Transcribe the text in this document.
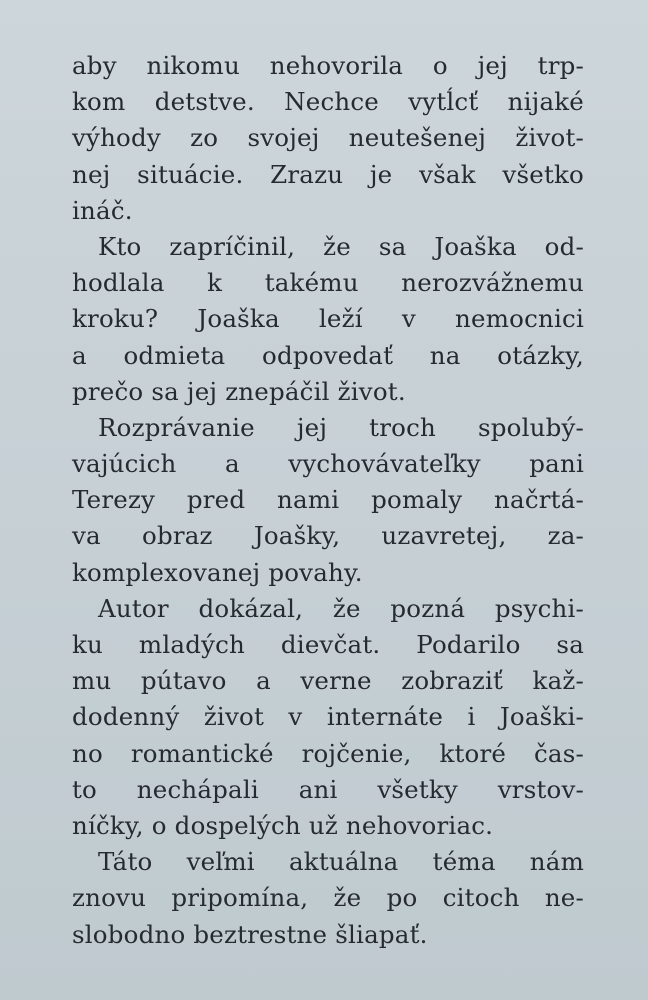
aby nikomu nehovorila o jej trp-
kom detstve. Nechce vytĺcť nijaké
výhody zo svojej neutešenej život-
nej situácie. Zrazu je však všetko
ináč.
Kto zapríčinil, že sa Joaška od-
hodlala k takému nerozvážnemu
kroku? Joaška leží v nemocnici
a odmieta odpovedať na otázky,
prečo sa jej znepáčil život.
Rozprávanie jej troch spolubý-
vajúcich a vychovávateľky pani
Terezy pred nami pomaly načrtá-
va obraz Joašky, uzavretej, za-
komplexovanej povahy.
Autor dokázal, že pozná psychi-
ku mladých dievčat. Podarilo sa
mu pútavo a verne zobraziť kaž-
dodenný život v internáte i Joaški-
no romantické rojčenie, ktoré čas-
to nechápali ani všetky vrstov-
níčky, o dospelých už nehovoriac.
Táto veľmi aktuálna téma nám
znovu pripomína, že po citoch ne-
slobodno beztrestne šliapať.
